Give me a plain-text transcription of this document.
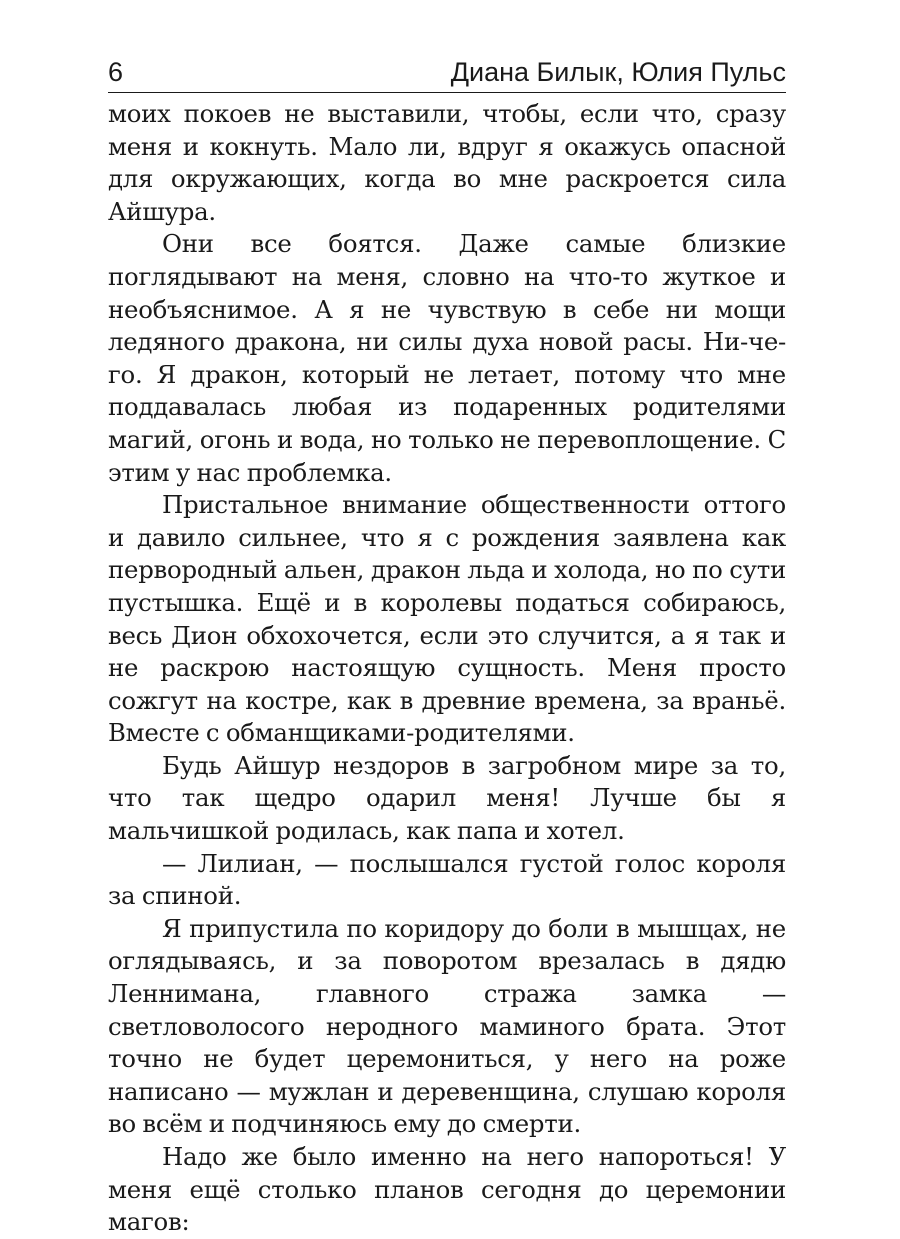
6	Диана Билык, Юлия Пульс

моих покоев не выставили, чтобы, если что, сразу меня и кокнуть. Мало ли, вдруг я окажусь опасной для окружающих, когда во мне раскроется сила Айшура.

Они все боятся. Даже самые близкие поглядывают на меня, словно на что-то жуткое и необъяснимое. А я не чувствую в себе ни мощи ледяного дракона, ни силы духа новой расы. Ни-че-го. Я дракон, который не летает, потому что мне поддавалась любая из подаренных родителями магий, огонь и вода, но только не перевоплощение. С этим у нас проблемка.

Пристальное внимание общественности оттого и давило сильнее, что я с рождения заявлена как первородный альен, дракон льда и холода, но по сути пустышка. Ещё и в королевы податься собираюсь, весь Дион обхохочется, если это случится, а я так и не раскрою настоящую сущность. Меня просто сожгут на костре, как в древние времена, за враньё. Вместе с обманщиками-родителями.

Будь Айшур нездоров в загробном мире за то, что так щедро одарил меня! Лучше бы я мальчишкой родилась, как папа и хотел.

— Лилиан, — послышался густой голос короля за спиной.

Я припустила по коридору до боли в мышцах, не оглядываясь, и за поворотом врезалась в дядю Леннимана, главного стража замка — светловолосого неродного маминого брата. Этот точно не будет церемониться, у него на роже написано — мужлан и деревенщина, слушаю короля во всём и подчиняюсь ему до смерти.

Надо же было именно на него напороться! У меня ещё столько планов сегодня до церемонии магов:
